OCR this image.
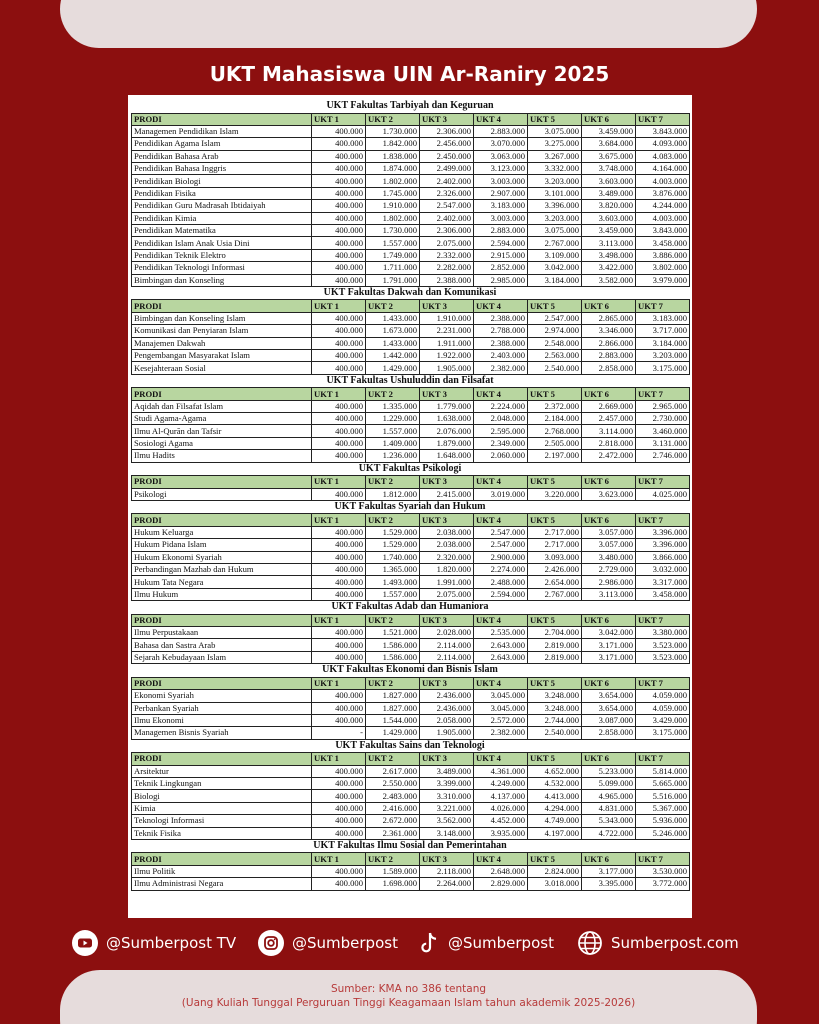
UKT Mahasiswa UIN Ar-Raniry 2025
UKT Fakultas Tarbiyah dan Keguruan
PRODI	UKT 1	UKT 2	UKT 3	UKT 4	UKT 5	UKT 6	UKT 7
Managemen Pendidikan Islam	400.000	1.730.000	2.306.000	2.883.000	3.075.000	3.459.000	3.843.000
Pendidikan Agama Islam	400.000	1.842.000	2.456.000	3.070.000	3.275.000	3.684.000	4.093.000
Pendidikan Bahasa Arab	400.000	1.838.000	2.450.000	3.063.000	3.267.000	3.675.000	4.083.000
Pendidikan Bahasa Inggris	400.000	1.874.000	2.499.000	3.123.000	3.332.000	3.748.000	4.164.000
Pendidikan Biologi	400.000	1.802.000	2.402.000	3.003.000	3.203.000	3.603.000	4.003.000
Pendidikan Fisika	400.000	1.745.000	2.326.000	2.907.000	3.101.000	3.489.000	3.876.000
Pendidikan Guru Madrasah Ibtidaiyah	400.000	1.910.000	2.547.000	3.183.000	3.396.000	3.820.000	4.244.000
Pendidikan Kimia	400.000	1.802.000	2.402.000	3.003.000	3.203.000	3.603.000	4.003.000
Pendidikan Matematika	400.000	1.730.000	2.306.000	2.883.000	3.075.000	3.459.000	3.843.000
Pendidikan Islam Anak Usia Dini	400.000	1.557.000	2.075.000	2.594.000	2.767.000	3.113.000	3.458.000
Pendidikan Teknik Elektro	400.000	1.749.000	2.332.000	2.915.000	3.109.000	3.498.000	3.886.000
Pendidikan Teknologi Informasi	400.000	1.711.000	2.282.000	2.852.000	3.042.000	3.422.000	3.802.000
Bimbingan dan Konseling	400.000	1.791.000	2.388.000	2.985.000	3.184.000	3.582.000	3.979.000
UKT Fakultas Dakwah dan Komunikasi
PRODI	UKT 1	UKT 2	UKT 3	UKT 4	UKT 5	UKT 6	UKT 7
Bimbingan dan Konseling Islam	400.000	1.433.000	1.910.000	2.388.000	2.547.000	2.865.000	3.183.000
Komunikasi dan Penyiaran Islam	400.000	1.673.000	2.231.000	2.788.000	2.974.000	3.346.000	3.717.000
Manajemen Dakwah	400.000	1.433.000	1.911.000	2.388.000	2.548.000	2.866.000	3.184.000
Pengembangan Masyarakat Islam	400.000	1.442.000	1.922.000	2.403.000	2.563.000	2.883.000	3.203.000
Kesejahteraan Sosial	400.000	1.429.000	1.905.000	2.382.000	2.540.000	2.858.000	3.175.000
UKT Fakultas Ushuluddin dan Filsafat
PRODI	UKT 1	UKT 2	UKT 3	UKT 4	UKT 5	UKT 6	UKT 7
Aqidah dan Filsafat Islam	400.000	1.335.000	1.779.000	2.224.000	2.372.000	2.669.000	2.965.000
Studi Agama-Agama	400.000	1.229.000	1.638.000	2.048.000	2.184.000	2.457.000	2.730.000
Ilmu Al-Qurān dan Tafsir	400.000	1.557.000	2.076.000	2.595.000	2.768.000	3.114.000	3.460.000
Sosiologi Agama	400.000	1.409.000	1.879.000	2.349.000	2.505.000	2.818.000	3.131.000
Ilmu Hadits	400.000	1.236.000	1.648.000	2.060.000	2.197.000	2.472.000	2.746.000
UKT Fakultas Psikologi
PRODI	UKT 1	UKT 2	UKT 3	UKT 4	UKT 5	UKT 6	UKT 7
Psikologi	400.000	1.812.000	2.415.000	3.019.000	3.220.000	3.623.000	4.025.000
UKT Fakultas Syariah dan Hukum
PRODI	UKT 1	UKT 2	UKT 3	UKT 4	UKT 5	UKT 6	UKT 7
Hukum Keluarga	400.000	1.529.000	2.038.000	2.547.000	2.717.000	3.057.000	3.396.000
Hukum Pidana Islam	400.000	1.529.000	2.038.000	2.547.000	2.717.000	3.057.000	3.396.000
Hukum Ekonomi Syariah	400.000	1.740.000	2.320.000	2.900.000	3.093.000	3.480.000	3.866.000
Perbandingan Mazhab dan Hukum	400.000	1.365.000	1.820.000	2.274.000	2.426.000	2.729.000	3.032.000
Hukum Tata Negara	400.000	1.493.000	1.991.000	2.488.000	2.654.000	2.986.000	3.317.000
Ilmu Hukum	400.000	1.557.000	2.075.000	2.594.000	2.767.000	3.113.000	3.458.000
UKT Fakultas Adab dan Humaniora
PRODI	UKT 1	UKT 2	UKT 3	UKT 4	UKT 5	UKT 6	UKT 7
Ilmu Perpustakaan	400.000	1.521.000	2.028.000	2.535.000	2.704.000	3.042.000	3.380.000
Bahasa dan Sastra Arab	400.000	1.586.000	2.114.000	2.643.000	2.819.000	3.171.000	3.523.000
Sejarah Kebudayaan Islam	400.000	1.586.000	2.114.000	2.643.000	2.819.000	3.171.000	3.523.000
UKT Fakultas Ekonomi dan Bisnis Islam
PRODI	UKT 1	UKT 2	UKT 3	UKT 4	UKT 5	UKT 6	UKT 7
Ekonomi Syariah	400.000	1.827.000	2.436.000	3.045.000	3.248.000	3.654.000	4.059.000
Perbankan Syariah	400.000	1.827.000	2.436.000	3.045.000	3.248.000	3.654.000	4.059.000
Ilmu Ekonomi	400.000	1.544.000	2.058.000	2.572.000	2.744.000	3.087.000	3.429.000
Managemen Bisnis Syariah	-	1.429.000	1.905.000	2.382.000	2.540.000	2.858.000	3.175.000
UKT Fakultas Sains dan Teknologi
PRODI	UKT 1	UKT 2	UKT 3	UKT 4	UKT 5	UKT 6	UKT 7
Arsitektur	400.000	2.617.000	3.489.000	4.361.000	4.652.000	5.233.000	5.814.000
Teknik Lingkungan	400.000	2.550.000	3.399.000	4.249.000	4.532.000	5.099.000	5.665.000
Biologi	400.000	2.483.000	3.310.000	4.137.000	4.413.000	4.965.000	5.516.000
Kimia	400.000	2.416.000	3.221.000	4.026.000	4.294.000	4.831.000	5.367.000
Teknologi Informasi	400.000	2.672.000	3.562.000	4.452.000	4.749.000	5.343.000	5.936.000
Teknik Fisika	400.000	2.361.000	3.148.000	3.935.000	4.197.000	4.722.000	5.246.000
UKT Fakultas Ilmu Sosial dan Pemerintahan
PRODI	UKT 1	UKT 2	UKT 3	UKT 4	UKT 5	UKT 6	UKT 7
Ilmu Politik	400.000	1.589.000	2.118.000	2.648.000	2.824.000	3.177.000	3.530.000
Ilmu Administrasi Negara	400.000	1.698.000	2.264.000	2.829.000	3.018.000	3.395.000	3.772.000
@Sumberpost TV	@Sumberpost	@Sumberpost	Sumberpost.com
Sumber: KMA no 386 tentang
(Uang Kuliah Tunggal Perguruan Tinggi Keagamaan Islam tahun akademik 2025-2026)
